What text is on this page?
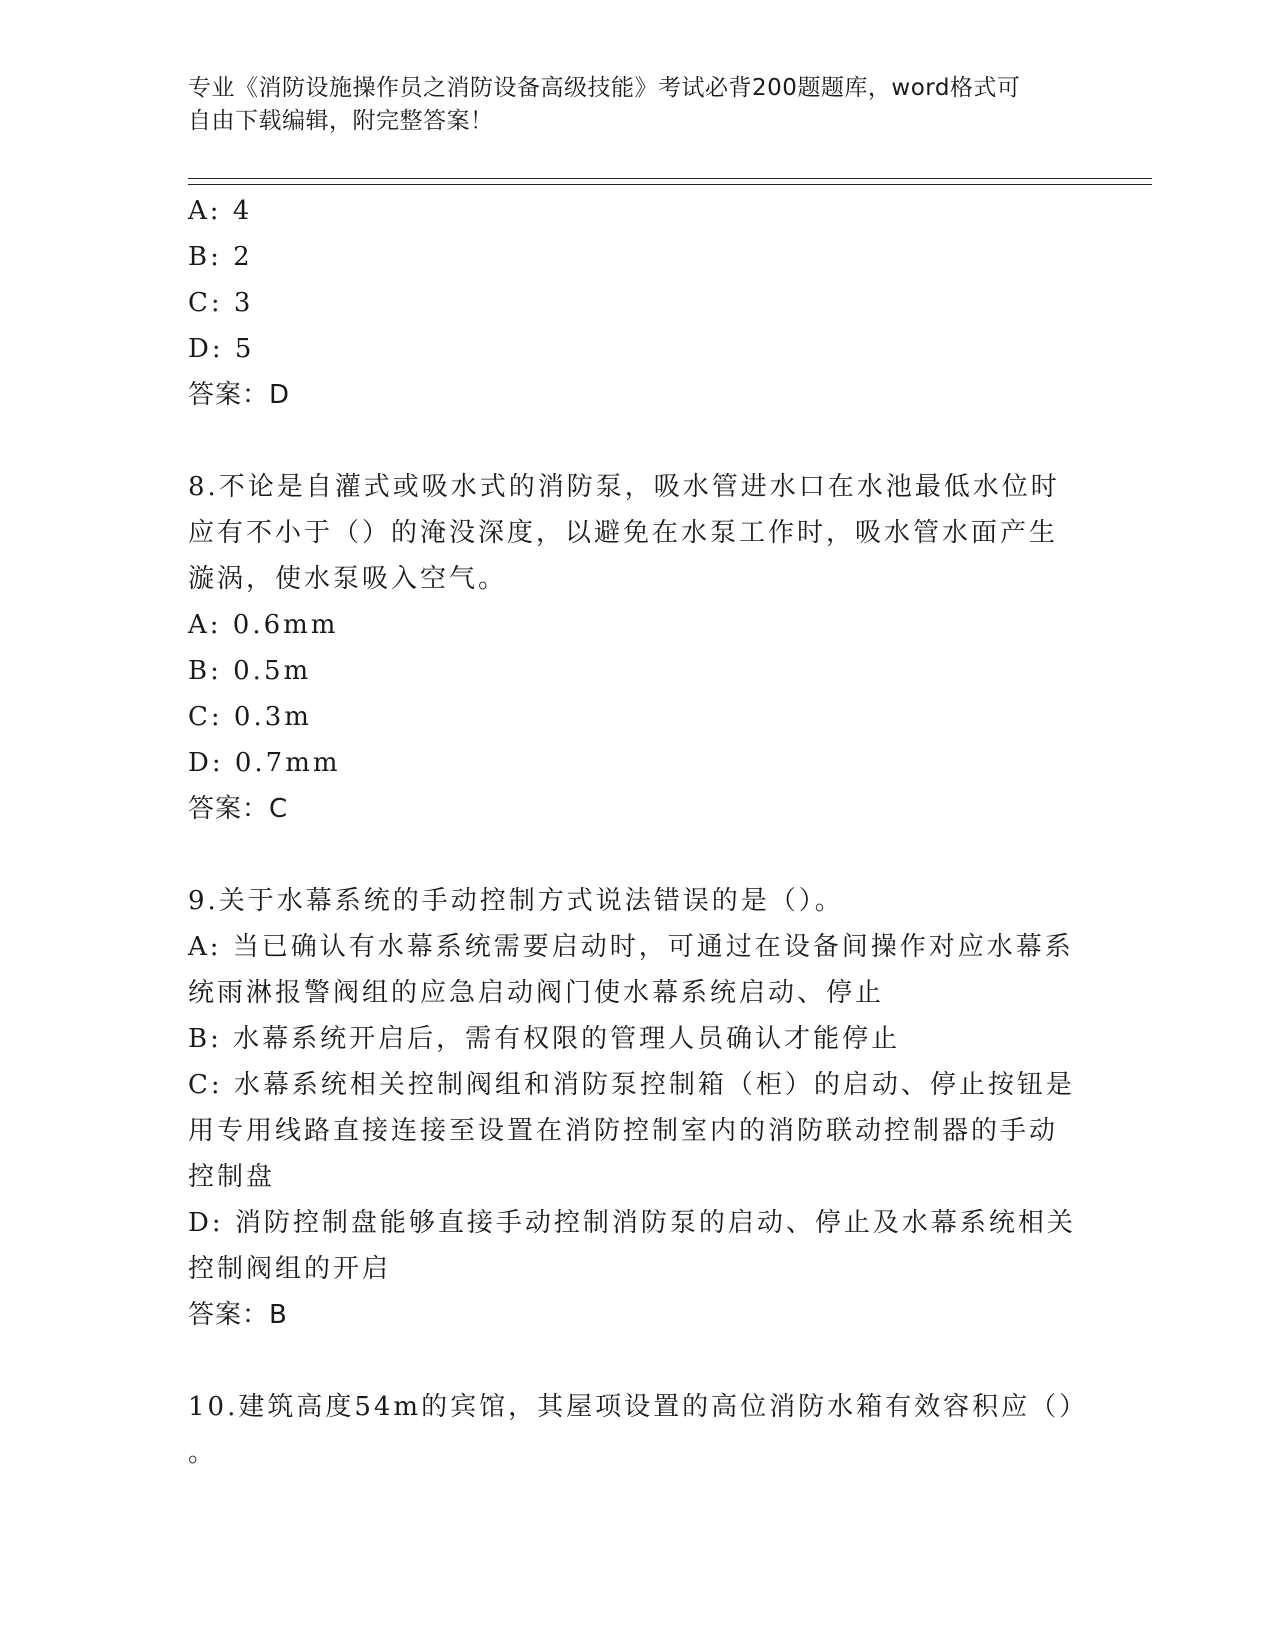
专业《消防设施操作员之消防设备高级技能》考试必背200题题库，word格式可
自由下载编辑，附完整答案！
A: 4
B: 2
C: 3
D: 5
答案：D
8.不论是自灌式或吸水式的消防泵，吸水管进水口在水池最低水位时
应有不小于（）的淹没深度，以避免在水泵工作时，吸水管水面产生
漩涡，使水泵吸入空气。
A: 0.6mm
B: 0.5m
C: 0.3m
D: 0.7mm
答案：C
9.关于水幕系统的手动控制方式说法错误的是（）。
A: 当已确认有水幕系统需要启动时，可通过在设备间操作对应水幕系
统雨淋报警阀组的应急启动阀门使水幕系统启动、停止
B: 水幕系统开启后，需有权限的管理人员确认才能停止
C: 水幕系统相关控制阀组和消防泵控制箱（柜）的启动、停止按钮是
用专用线路直接连接至设置在消防控制室内的消防联动控制器的手动
控制盘
D: 消防控制盘能够直接手动控制消防泵的启动、停止及水幕系统相关
控制阀组的开启
答案：B
10.建筑高度54m的宾馆，其屋项设置的高位消防水箱有效容积应（）
。
